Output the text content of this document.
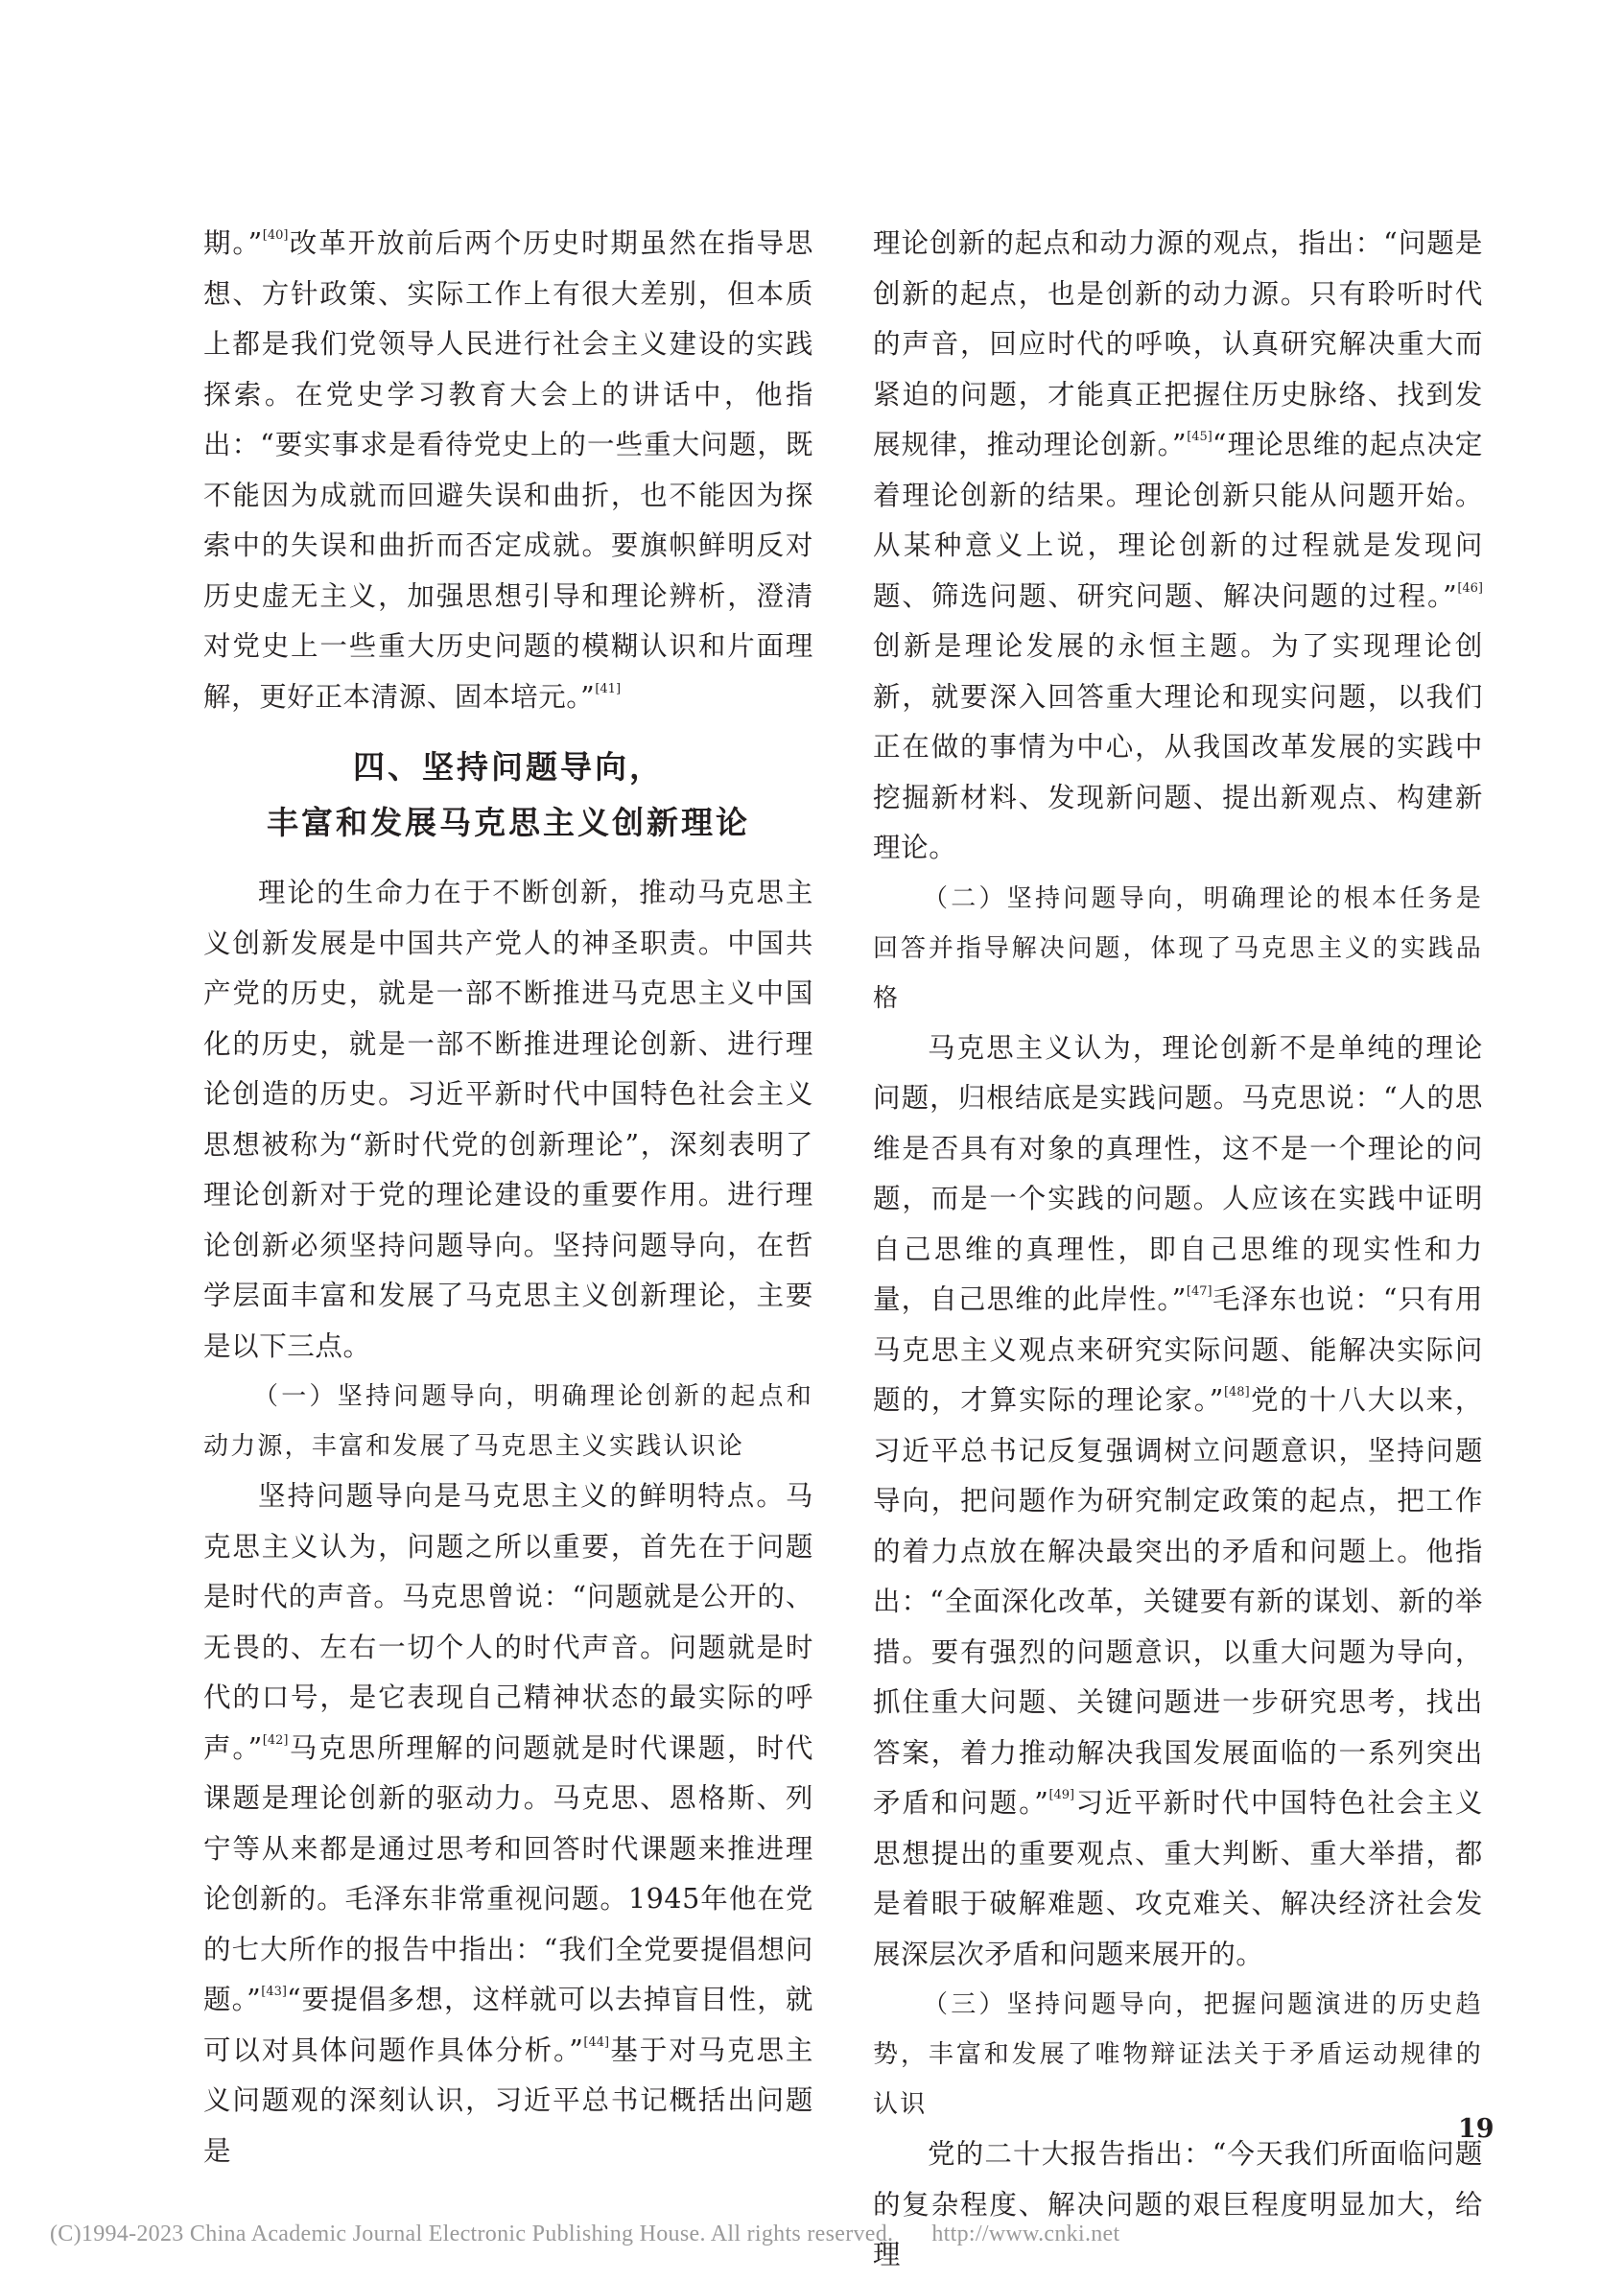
期。”[40]改革开放前后两个历史时期虽然在指导思想、方针政策、实际工作上有很大差别，但本质上都是我们党领导人民进行社会主义建设的实践探索。在党史学习教育大会上的讲话中，他指出：“要实事求是看待党史上的一些重大问题，既不能因为成就而回避失误和曲折，也不能因为探索中的失误和曲折而否定成就。要旗帜鲜明反对历史虚无主义，加强思想引导和理论辨析，澄清对党史上一些重大历史问题的模糊认识和片面理解，更好正本清源、固本培元。”[41]

四、坚持问题导向，
丰富和发展马克思主义创新理论

理论的生命力在于不断创新，推动马克思主义创新发展是中国共产党人的神圣职责。中国共产党的历史，就是一部不断推进马克思主义中国化的历史，就是一部不断推进理论创新、进行理论创造的历史。习近平新时代中国特色社会主义思想被称为“新时代党的创新理论”，深刻表明了理论创新对于党的理论建设的重要作用。进行理论创新必须坚持问题导向。坚持问题导向，在哲学层面丰富和发展了马克思主义创新理论，主要是以下三点。

（一）坚持问题导向，明确理论创新的起点和动力源，丰富和发展了马克思主义实践认识论

坚持问题导向是马克思主义的鲜明特点。马克思主义认为，问题之所以重要，首先在于问题是时代的声音。马克思曾说：“问题就是公开的、无畏的、左右一切个人的时代声音。问题就是时代的口号，是它表现自己精神状态的最实际的呼声。”[42]马克思所理解的问题就是时代课题，时代课题是理论创新的驱动力。马克思、恩格斯、列宁等从来都是通过思考和回答时代课题来推进理论创新的。毛泽东非常重视问题。1945年他在党的七大所作的报告中指出：“我们全党要提倡想问题。”[43]“要提倡多想，这样就可以去掉盲目性，就可以对具体问题作具体分析。”[44]基于对马克思主义问题观的深刻认识，习近平总书记概括出问题是

理论创新的起点和动力源的观点，指出：“问题是创新的起点，也是创新的动力源。只有聆听时代的声音，回应时代的呼唤，认真研究解决重大而紧迫的问题，才能真正把握住历史脉络、找到发展规律，推动理论创新。”[45]“理论思维的起点决定着理论创新的结果。理论创新只能从问题开始。从某种意义上说，理论创新的过程就是发现问题、筛选问题、研究问题、解决问题的过程。”[46]创新是理论发展的永恒主题。为了实现理论创新，就要深入回答重大理论和现实问题，以我们正在做的事情为中心，从我国改革发展的实践中挖掘新材料、发现新问题、提出新观点、构建新理论。

（二）坚持问题导向，明确理论的根本任务是回答并指导解决问题，体现了马克思主义的实践品格

马克思主义认为，理论创新不是单纯的理论问题，归根结底是实践问题。马克思说：“人的思维是否具有对象的真理性，这不是一个理论的问题，而是一个实践的问题。人应该在实践中证明自己思维的真理性，即自己思维的现实性和力量，自己思维的此岸性。”[47]毛泽东也说：“只有用马克思主义观点来研究实际问题、能解决实际问题的，才算实际的理论家。”[48]党的十八大以来，习近平总书记反复强调树立问题意识，坚持问题导向，把问题作为研究制定政策的起点，把工作的着力点放在解决最突出的矛盾和问题上。他指出：“全面深化改革，关键要有新的谋划、新的举措。要有强烈的问题意识，以重大问题为导向，抓住重大问题、关键问题进一步研究思考，找出答案，着力推动解决我国发展面临的一系列突出矛盾和问题。”[49]习近平新时代中国特色社会主义思想提出的重要观点、重大判断、重大举措，都是着眼于破解难题、攻克难关、解决经济社会发展深层次矛盾和问题来展开的。

（三）坚持问题导向，把握问题演进的历史趋势，丰富和发展了唯物辩证法关于矛盾运动规律的认识

党的二十大报告指出：“今天我们所面临问题的复杂程度、解决问题的艰巨程度明显加大，给理

19
(C)1994-2023 China Academic Journal Electronic Publishing House. All rights reserved. http://www.cnki.net
